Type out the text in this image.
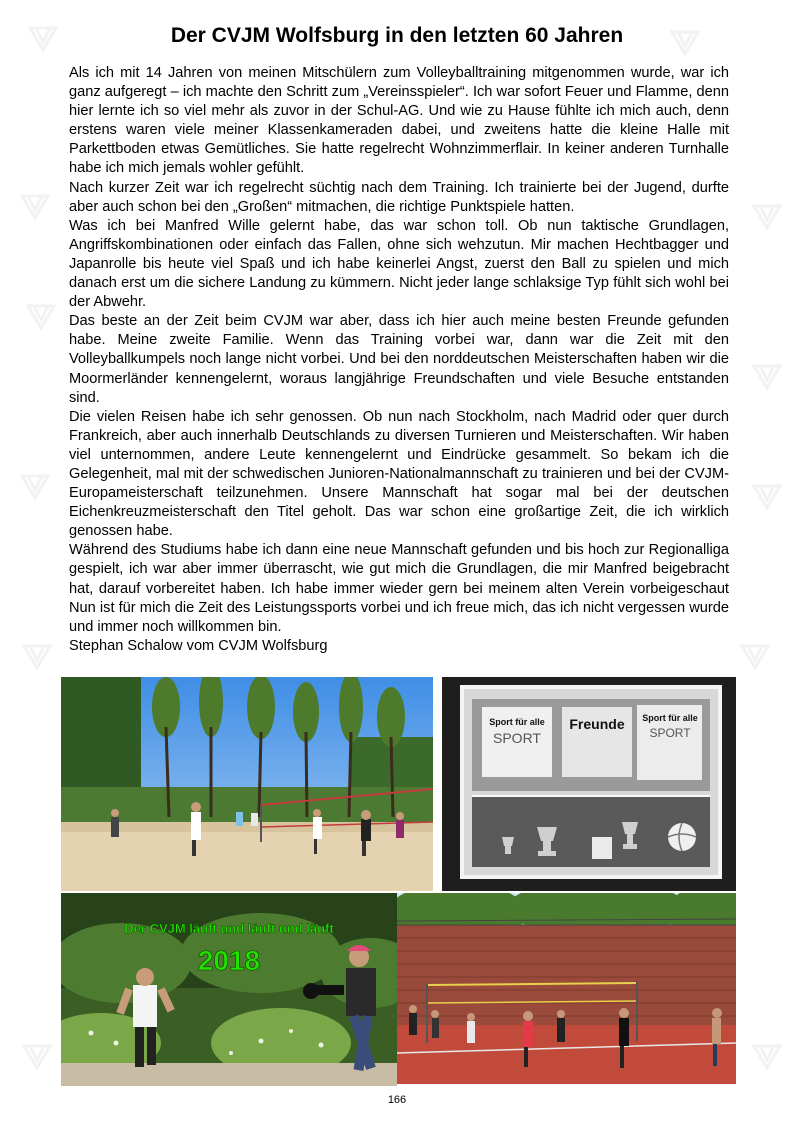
Der CVJM Wolfsburg in den letzten 60 Jahren

Als ich mit 14 Jahren von meinen Mitschülern zum Volleyballtraining mitgenommen wurde, war ich ganz aufgeregt – ich machte den Schritt zum „Vereinsspieler“. Ich war sofort Feuer und Flamme, denn hier lernte ich so viel mehr als zuvor in der Schul-AG. Und wie zu Hause fühlte ich mich auch, denn erstens waren viele meiner Klassenkameraden dabei, und zweitens hatte die kleine Halle mit Parkettboden etwas Gemütliches. Sie hatte regelrecht Wohnzimmerflair. In keiner anderen Turnhalle habe ich mich jemals wohler gefühlt.

Nach kurzer Zeit war ich regelrecht süchtig nach dem Training. Ich trainierte bei der Jugend, durfte aber auch schon bei den „Großen“ mitmachen, die richtige Punktspiele hatten.

Was ich bei Manfred Wille gelernt habe, das war schon toll. Ob nun taktische Grundlagen, Angriffskombinationen oder einfach das Fallen, ohne sich wehzutun. Mir machen Hechtbagger und Japanrolle bis heute viel Spaß und ich habe keinerlei Angst, zuerst den Ball zu spielen und mich danach erst um die sichere Landung zu kümmern. Nicht jeder lange schlaksige Typ fühlt sich wohl bei der Abwehr.

Das beste an der Zeit beim CVJM war aber, dass ich hier auch meine besten Freunde gefunden habe. Meine zweite Familie. Wenn das Training vorbei war, dann war die Zeit mit den Volleyballkumpels noch lange nicht vorbei. Und bei den norddeutschen Meisterschaften haben wir die Moormerländer kennengelernt, woraus langjährige Freundschaften und viele Besuche entstanden sind.

Die vielen Reisen habe ich sehr genossen. Ob nun nach Stockholm, nach Madrid oder quer durch Frankreich, aber auch innerhalb Deutschlands zu diversen Turnieren und Meisterschaften. Wir haben viel unternommen, andere Leute kennengelernt und Eindrücke gesammelt. So bekam ich die Gelegenheit, mal mit der schwedischen Junioren-Nationalmannschaft zu trainieren und bei der CVJM-Europameisterschaft teilzunehmen. Unsere Mannschaft hat sogar mal bei der deutschen Eichenkreuzmeisterschaft den Titel geholt. Das war schon eine großartige Zeit, die ich wirklich genossen habe.

Während des Studiums habe ich dann eine neue Mannschaft gefunden und bis hoch zur Regionalliga gespielt, ich war aber immer überrascht, wie gut mich die Grundlagen, die mir Manfred beigebracht hat, darauf vorbereitet haben. Ich habe immer wieder gern bei meinem alten Verein vorbeigeschaut Nun ist für mich die Zeit des Leistungssports vorbei und ich freue mich, das ich nicht vergessen wurde und immer noch willkommen bin.

Stephan Schalow vom CVJM Wolfsburg

Sport für alle
SPORT
Freunde Sport für alle
SPORT
Der CVJM läuft und läuft und läuft
2018
166
